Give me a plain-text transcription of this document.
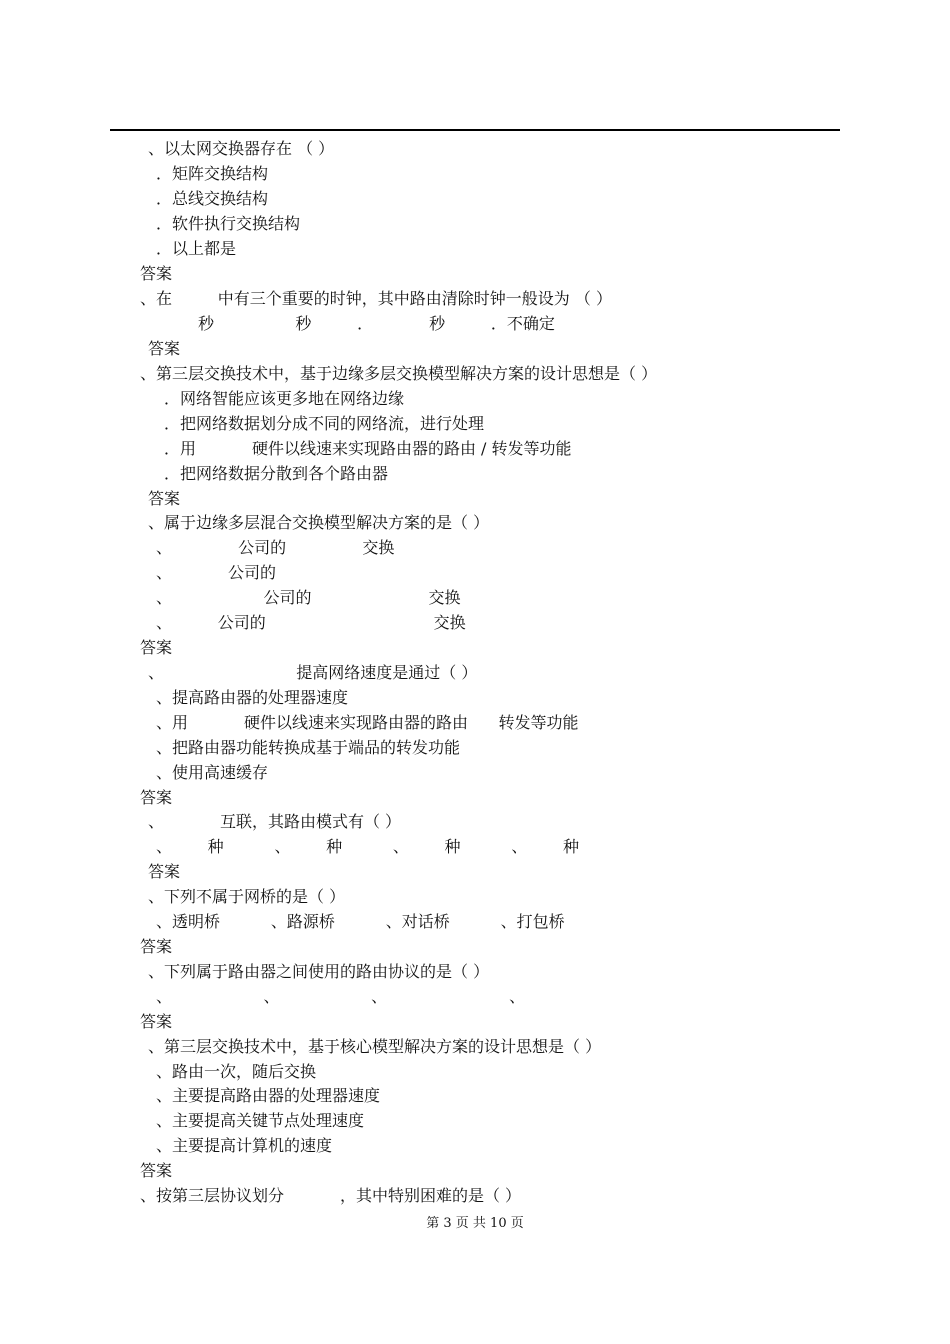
、以太网交换器存在 （ ）
．矩阵交换结构
．总线交换结构
．软件执行交换结构
．以上都是
答案
、在         中有三个重要的时钟，其中路由清除时钟一般设为 （ ）
秒                秒         ．           秒         ．不确定
答案
、第三层交换技术中，基于边缘多层交换模型解决方案的设计思想是（ ）
．网络智能应该更多地在网络边缘
．把网络数据划分成不同的网络流，进行处理
．用           硬件以线速来实现路由器的路由 / 转发等功能
．把网络数据分散到各个路由器
答案
、属于边缘多层混合交换模型解决方案的是（ ）
、             公司的               交换
、           公司的
、                  公司的                       交换
、         公司的                                 交换
答案
、                          提高网络速度是通过（ ）
、提高路由器的处理器速度
、用           硬件以线速来实现路由器的路由      转发等功能
、把路由器功能转换成基于端品的转发功能
、使用高速缓存
答案
、           互联，其路由模式有（ ）
、       种          、       种          、       种          、       种
答案
、下列不属于网桥的是（ ）
、透明桥          、路源桥          、对话桥          、打包桥
答案
、下列属于路由器之间使用的路由协议的是（ ）
、                  、                  、                        、
答案
、第三层交换技术中，基于核心模型解决方案的设计思想是（ ）
、路由一次，随后交换
、主要提高路由器的处理器速度
、主要提高关键节点处理速度
、主要提高计算机的速度
答案
、按第三层协议划分           ，其中特别困难的是（ ）
第 3 页 共 10 页
